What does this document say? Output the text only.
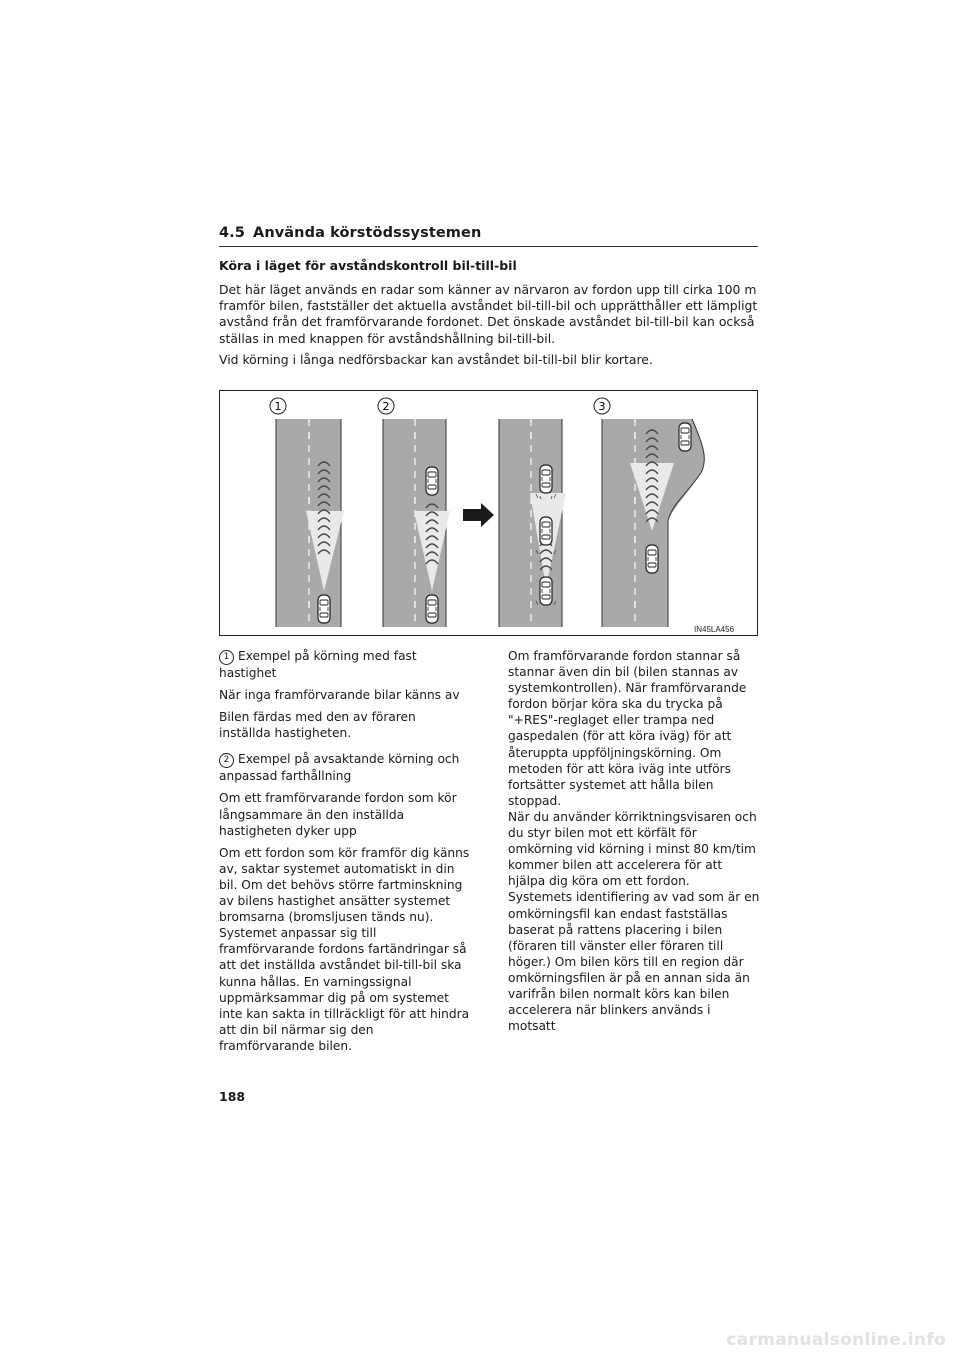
4.5 Använda körstödssystemen
Köra i läget för avståndskontroll bil-till-bil

Det här läget används en radar som känner av närvaron av fordon upp till cirka 100 m framför bilen, fastställer det aktuella avståndet bil-till-bil och upprätthåller ett lämpligt avstånd från det framförvarande fordonet. Det önskade avståndet bil-till-bil kan också ställas in med knappen för avståndshållning bil-till-bil.

Vid körning i långa nedförsbackar kan avståndet bil-till-bil blir kortare.

1	2	3
IN45LA456

1 Exempel på körning med fast hastighet

När inga framförvarande bilar känns av

Bilen färdas med den av föraren inställda hastigheten.

2 Exempel på avsaktande körning och anpassad farthållning

Om ett framförvarande fordon som kör långsammare än den inställda hastigheten dyker upp

Om ett fordon som kör framför dig känns av, saktar systemet automatiskt in din bil. Om det behövs större fartminskning av bilens hastighet ansätter systemet bromsarna (bromsljusen tänds nu). Systemet anpassar sig till framförvarande fordons fartändringar så att det inställda avståndet bil-till-bil ska kunna hållas. En varningssignal uppmärksammar dig på om systemet inte kan sakta in tillräckligt för att hindra att din bil närmar sig den framförvarande bilen.

Om framförvarande fordon stannar så stannar även din bil (bilen stannas av systemkontrollen). När framförvarande fordon börjar köra ska du trycka på "+RES"-reglaget eller trampa ned gaspedalen (för att köra iväg) för att återuppta uppföljningskörning. Om metoden för att köra iväg inte utförs fortsätter systemet att hålla bilen stoppad.

När du använder körriktningsvisaren och du styr bilen mot ett körfält för omkörning vid körning i minst 80 km/tim kommer bilen att accelerera för att hjälpa dig köra om ett fordon.

Systemets identifiering av vad som är en omkörningsfil kan endast fastställas baserat på rattens placering i bilen (föraren till vänster eller föraren till höger.) Om bilen körs till en region där omkörningsfilen är på en annan sida än varifrån bilen normalt körs kan bilen accelerera när blinkers används i motsatt

188
carmanualsonline.info
